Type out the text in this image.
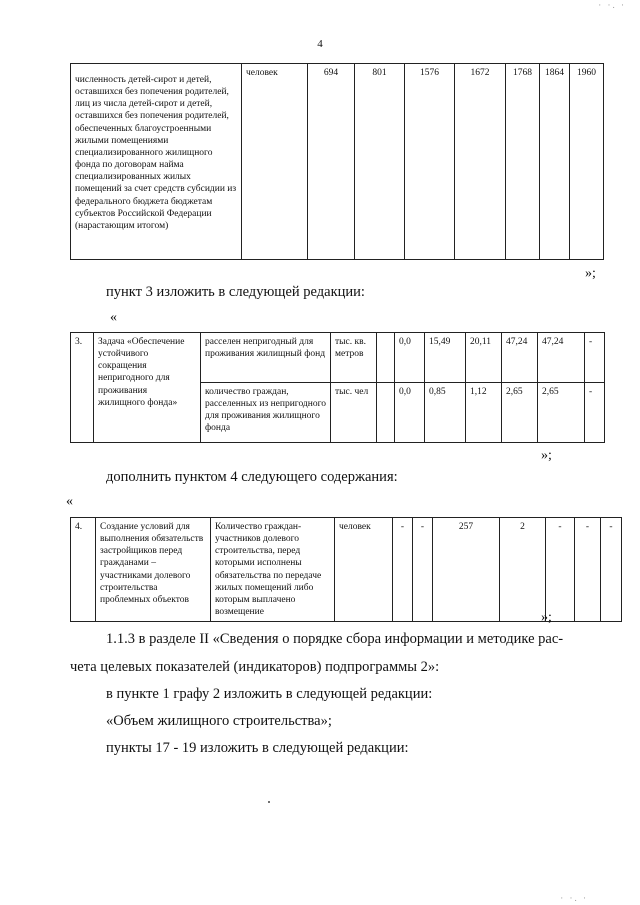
· ·. ·
4
численность детей-сирот и детей, оставшихся без попечения родителей, лиц из числа детей-сирот и детей, оставшихся без попечения родителей, обеспеченных благоустроенными жилыми помещениями специализированного жилищного фонда по договорам найма специализированных жилых помещений за счет средств субсидии из федерального бюджета бюджетам субъектов Российской Федерации (нарастающим итогом)	человек	694	801	1576	1672	1768	1864	1960
»;
пункт 3 изложить в следующей редакции:
«
3.	Задача «Обеспечение устойчивого сокращения непригодного для проживания жилищного фонда»	расселен непригодный для проживания жилищный фонд	тыс. кв. метров		0,0	15,49	20,11	47,24	47,24	-
		количество граждан, расселенных из непригодного для проживания жилищного фонда	тыс. чел		0,0	0,85	1,12	2,65	2,65	-
»;
дополнить пунктом 4 следующего содержания:
«
4.	Создание условий для выполнения обязательств застройщиков перед гражданами – участниками долевого строительства проблемных объектов	Количество граждан- участников долевого строительства, перед которыми исполнены обязательства по передаче жилых помещений либо которым выплачено возмещение	человек	-	-	257	2	-	-	-
»;
1.1.3 в разделе II «Сведения о порядке сбора информации и методике рас-
чета целевых показателей (индикаторов) подпрограммы 2»:
в пункте 1 графу 2 изложить в следующей редакции:
«Объем жилищного строительства»;
пункты 17 - 19 изложить в следующей редакции:
· ·. ·
